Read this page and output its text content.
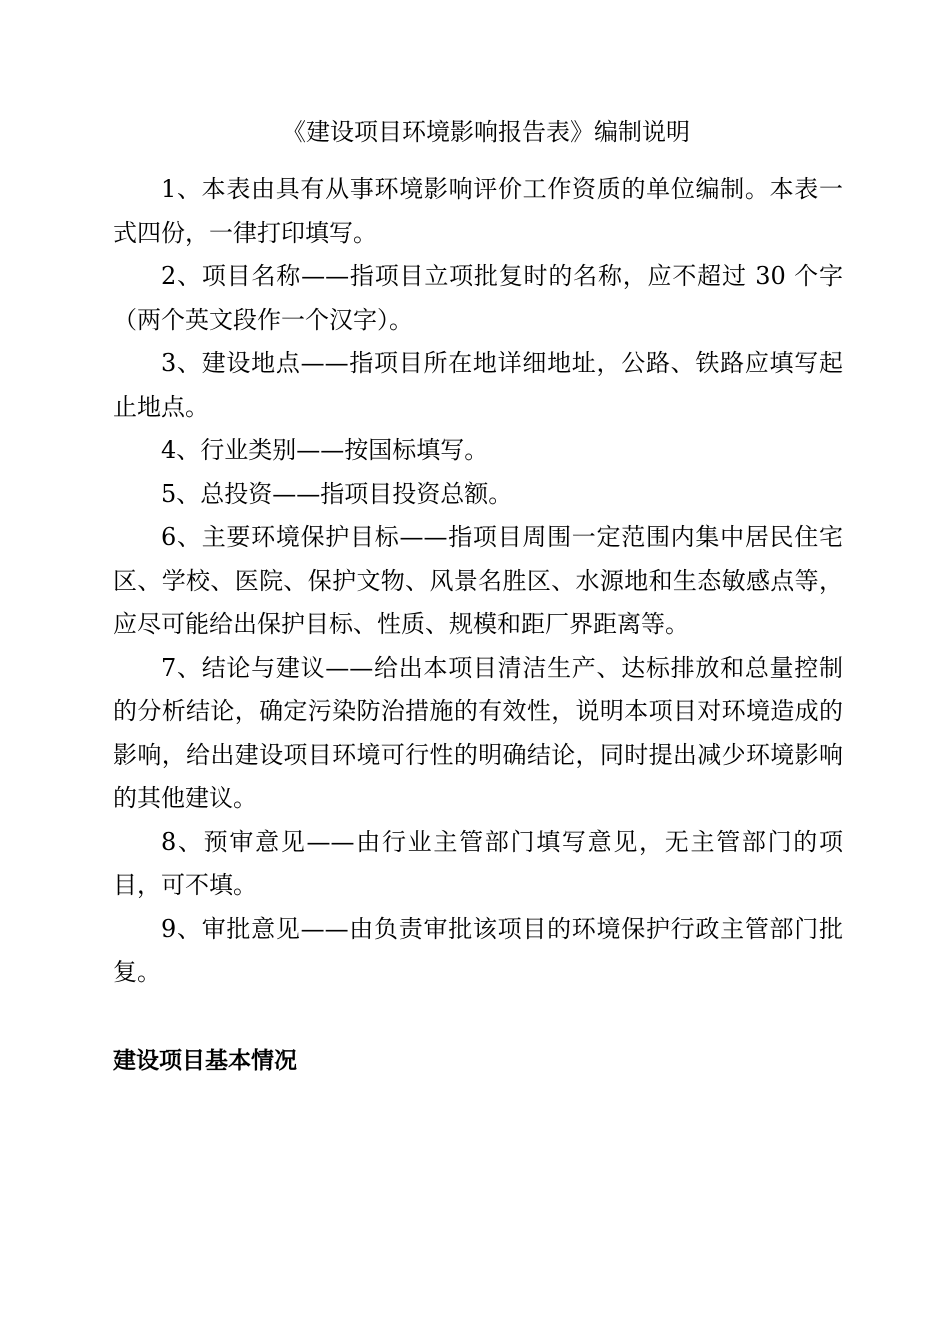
《建设项目环境影响报告表》编制说明

1、本表由具有从事环境影响评价工作资质的单位编制。本表一式四份，一律打印填写。

2、项目名称——指项目立项批复时的名称，应不超过 30 个字（两个英文段作一个汉字）。

3、建设地点——指项目所在地详细地址，公路、铁路应填写起止地点。

4、行业类别——按国标填写。

5、总投资——指项目投资总额。

6、主要环境保护目标——指项目周围一定范围内集中居民住宅区、学校、医院、保护文物、风景名胜区、水源地和生态敏感点等，应尽可能给出保护目标、性质、规模和距厂界距离等。

7、结论与建议——给出本项目清洁生产、达标排放和总量控制的分析结论，确定污染防治措施的有效性，说明本项目对环境造成的影响，给出建设项目环境可行性的明确结论，同时提出减少环境影响的其他建议。

8、预审意见——由行业主管部门填写意见，无主管部门的项目，可不填。

9、审批意见——由负责审批该项目的环境保护行政主管部门批复。

建设项目基本情况
